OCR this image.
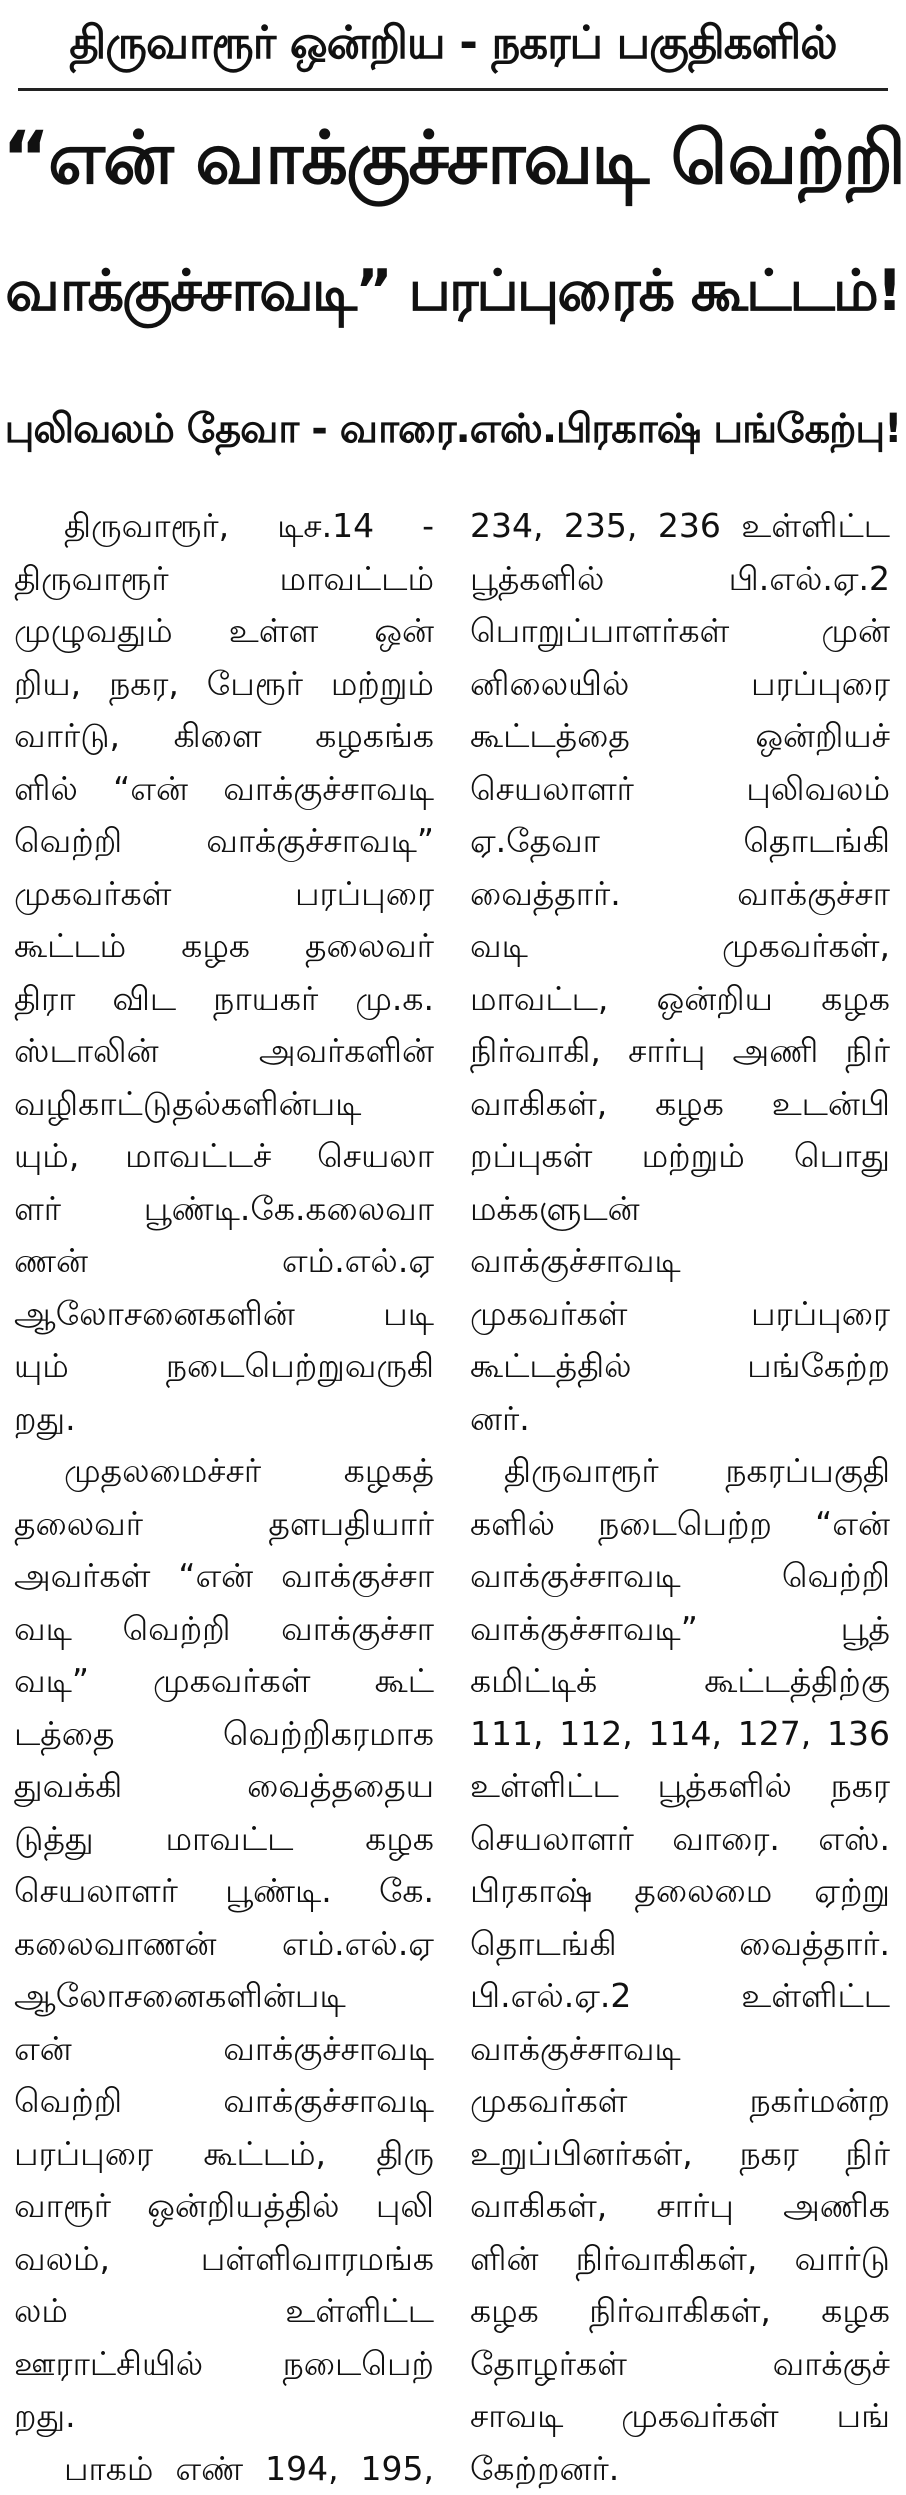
திருவாரூர் ஒன்றிய - நகரப் பகுதிகளில்
“என் வாக்குச்சாவடி வெற்றி
வாக்குச்சாவடி” பரப்புரைக் கூட்டம்!
புலிவலம் தேவா - வாரை.எஸ்.பிரகாஷ் பங்கேற்பு!
திருவாரூர், டிச.14 -
திருவாரூர் மாவட்டம்
முழுவதும் உள்ள ஒன்
றிய, நகர, பேரூர் மற்றும்
வார்டு, கிளை கழகங்க
ளில் “என் வாக்குச்சாவடி
வெற்றி வாக்குச்சாவடி”
முகவர்கள் பரப்புரை
கூட்டம் கழக தலைவர்
திரா விட நாயகர் மு.க.
ஸ்டாலின் அவர்களின்
வழிகாட்டுதல்களின்படி
யும், மாவட்டச் செயலா
ளர் பூண்டி.கே.கலைவா
ணன் எம்.எல்.ஏ
ஆலோசனைகளின் படி
யும் நடைபெற்றுவருகி
றது.
முதலமைச்சர் கழகத்
தலைவர் தளபதியார்
அவர்கள் “என் வாக்குச்சா
வடி வெற்றி வாக்குச்சா
வடி” முகவர்கள் கூட்
டத்தை வெற்றிகரமாக
துவக்கி வைத்ததைய
டுத்து மாவட்ட கழக
செயலாளர் பூண்டி. கே.
கலைவாணன் எம்.எல்.ஏ
ஆலோசனைகளின்படி
என் வாக்குச்சாவடி
வெற்றி வாக்குச்சாவடி
பரப்புரை கூட்டம், திரு
வாரூர் ஒன்றியத்தில் புலி
வலம், பள்ளிவாரமங்க
லம் உள்ளிட்ட
ஊராட்சியில் நடைபெற்
றது.
பாகம் எண் 194, 195,
234, 235, 236 உள்ளிட்ட
பூத்களில் பி.எல்.ஏ.2
பொறுப்பாளர்கள் முன்
னிலையில் பரப்புரை
கூட்டத்தை ஒன்றியச்
செயலாளர் புலிவலம்
ஏ.தேவா தொடங்கி
வைத்தார். வாக்குச்சா
வடி முகவர்கள்,
மாவட்ட, ஒன்றிய கழக
நிர்வாகி, சார்பு அணி நிர்
வாகிகள், கழக உடன்பி
றப்புகள் மற்றும் பொது
மக்களுடன்
வாக்குச்சாவடி
முகவர்கள் பரப்புரை
கூட்டத்தில் பங்கேற்ற
னர்.
திருவாரூர் நகரப்பகுதி
களில் நடைபெற்ற “என்
வாக்குச்சாவடி வெற்றி
வாக்குச்சாவடி” பூத்
கமிட்டிக் கூட்டத்திற்கு
111, 112, 114, 127, 136
உள்ளிட்ட பூத்களில் நகர
செயலாளர் வாரை. எஸ்.
பிரகாஷ் தலைமை ஏற்று
தொடங்கி வைத்தார்.
பி.எல்.ஏ.2 உள்ளிட்ட
வாக்குச்சாவடி
முகவர்கள் நகர்மன்ற
உறுப்பினர்கள், நகர நிர்
வாகிகள், சார்பு அணிக
ளின் நிர்வாகிகள், வார்டு
கழக நிர்வாகிகள், கழக
தோழர்கள் வாக்குச்
சாவடி முகவர்கள் பங்
கேற்றனர்.
